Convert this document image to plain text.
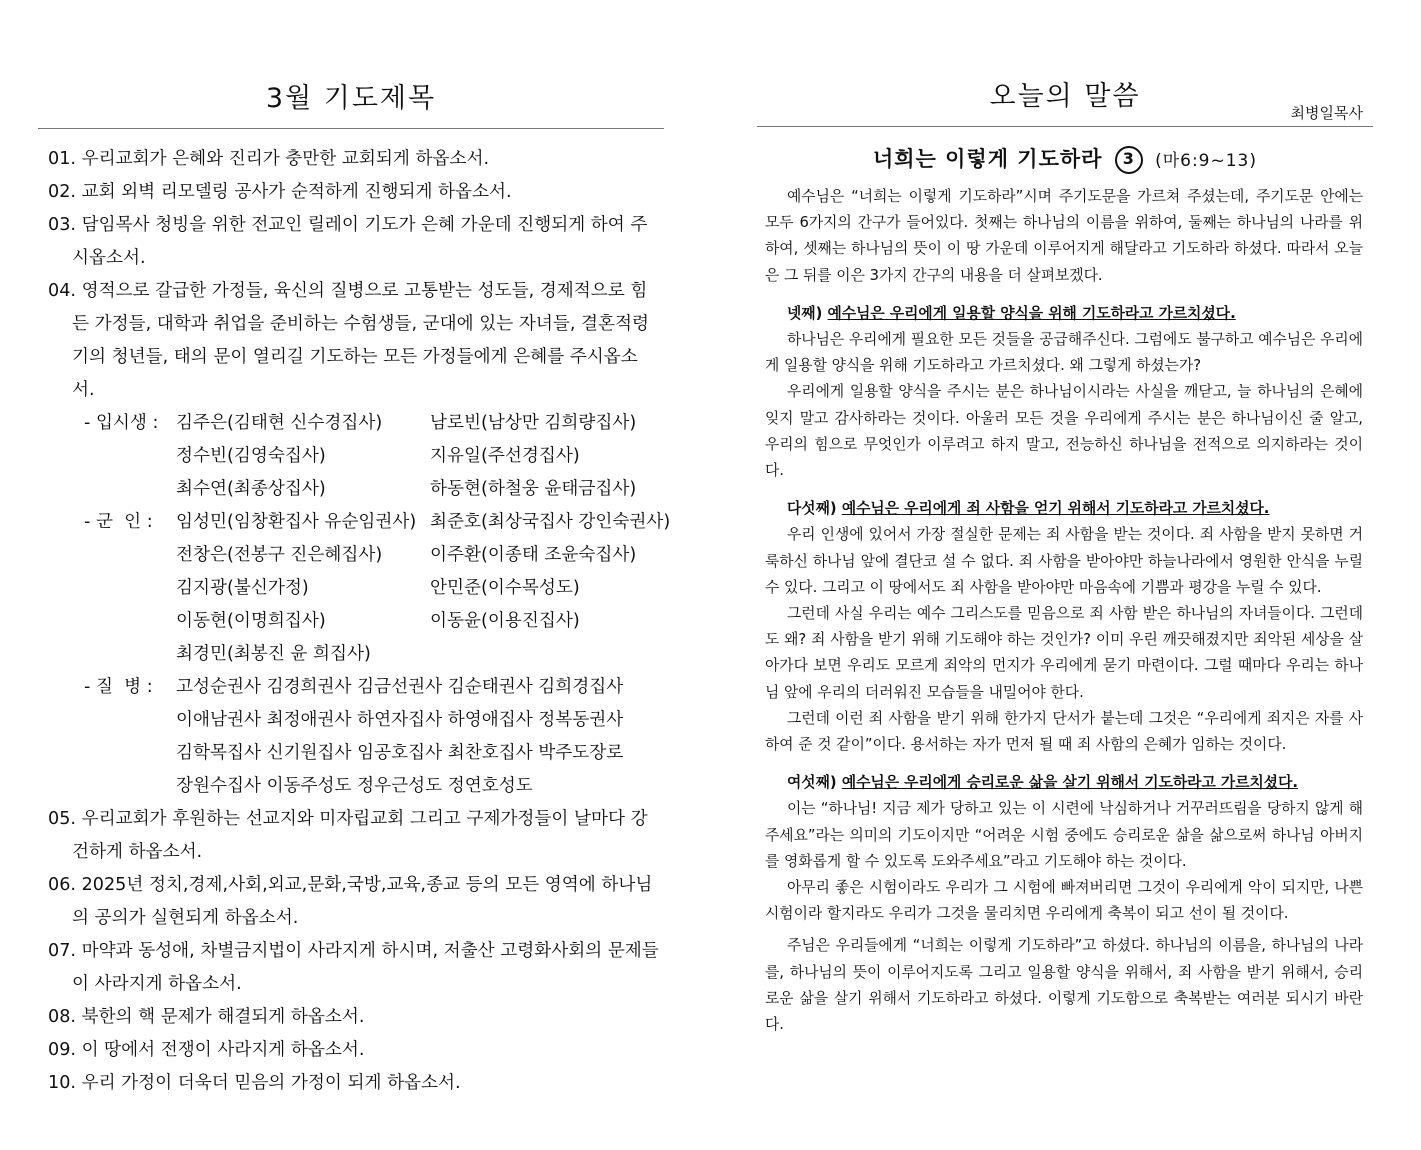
3월 기도제목
01. 우리교회가 은혜와 진리가 충만한 교회되게 하옵소서.
02. 교회 외벽 리모델링 공사가 순적하게 진행되게 하옵소서.
03. 담임목사 청빙을 위한 전교인 릴레이 기도가 은혜 가운데 진행되게 하여 주시옵소서.
04. 영적으로 갈급한 가정들, 육신의 질병으로 고통받는 성도들, 경제적으로 힘든 가정들, 대학과 취업을 준비하는 수험생들, 군대에 있는 자녀들, 결혼적령기의 청년들, 태의 문이 열리길 기도하는 모든 가정들에게 은혜를 주시옵소서.
- 입시생 : 김주은(김태현 신수경집사)	남로빈(남상만 김희량집사)
정수빈(김영숙집사)	지유일(주선경집사)
최수연(최종상집사)	하동현(하철웅 윤태금집사)
- 군  인 :	임성민(임창환집사 유순임권사) 최준호(최상국집사 강인숙권사)
전창은(전봉구 진은혜집사)	이주환(이종태 조윤숙집사)
김지광(불신가정)	안민준(이수목성도)
이동현(이명희집사)	이동윤(이용진집사)
최경민(최봉진 윤 희집사)
- 질  병 :	고성순권사 김경희권사 김금선권사 김순태권사 김희경집사
이애남권사 최정애권사 하연자집사 하영애집사 정복동권사
김학목집사 신기원집사 임공호집사 최찬호집사 박주도장로
장원수집사 이동주성도 정우근성도 정연호성도
05. 우리교회가 후원하는 선교지와 미자립교회 그리고 구제가정들이 날마다 강건하게 하옵소서.
06. 2025년 정치,경제,사회,외교,문화,국방,교육,종교 등의 모든 영역에 하나님의 공의가 실현되게 하옵소서.
07. 마약과 동성애, 차별금지법이 사라지게 하시며, 저출산 고령화사회의 문제들이 사라지게 하옵소서.
08. 북한의 핵 문제가 해결되게 하옵소서.
09. 이 땅에서 전쟁이 사라지게 하옵소서.
10. 우리 가정이 더욱더 믿음의 가정이 되게 하옵소서.
오늘의 말씀
최병일목사
너희는 이렇게 기도하라 3 (마6:9~13)

예수님은 “너희는 이렇게 기도하라”시며 주기도문을 가르쳐 주셨는데, 주기도문 안에는 모두 6가지의 간구가 들어있다. 첫째는 하나님의 이름을 위하여, 둘째는 하나님의 나라를 위하여, 셋째는 하나님의 뜻이 이 땅 가운데 이루어지게 해달라고 기도하라 하셨다. 따라서 오늘은 그 뒤를 이은 3가지 간구의 내용을 더 살펴보겠다.

넷째) 예수님은 우리에게 일용할 양식을 위해 기도하라고 가르치셨다.

하나님은 우리에게 필요한 모든 것들을 공급해주신다. 그럼에도 불구하고 예수님은 우리에게 일용할 양식을 위해 기도하라고 가르치셨다. 왜 그렇게 하셨는가?

우리에게 일용할 양식을 주시는 분은 하나님이시라는 사실을 깨닫고, 늘 하나님의 은혜에 잊지 말고 감사하라는 것이다. 아울러 모든 것을 우리에게 주시는 분은 하나님이신 줄 알고, 우리의 힘으로 무엇인가 이루려고 하지 말고, 전능하신 하나님을 전적으로 의지하라는 것이다.

다섯째) 예수님은 우리에게 죄 사함을 얻기 위해서 기도하라고 가르치셨다.

우리 인생에 있어서 가장 절실한 문제는 죄 사함을 받는 것이다. 죄 사함을 받지 못하면 거룩하신 하나님 앞에 결단코 설 수 없다. 죄 사함을 받아야만 하늘나라에서 영원한 안식을 누릴 수 있다. 그리고 이 땅에서도 죄 사함을 받아야만 마음속에 기쁨과 평강을 누릴 수 있다.

그런데 사실 우리는 예수 그리스도를 믿음으로 죄 사함 받은 하나님의 자녀들이다. 그런데도 왜? 죄 사함을 받기 위해 기도해야 하는 것인가? 이미 우린 깨끗해졌지만 죄악된 세상을 살아가다 보면 우리도 모르게 죄악의 먼지가 우리에게 묻기 마련이다. 그럴 때마다 우리는 하나님 앞에 우리의 더러워진 모습들을 내밀어야 한다.

그런데 이런 죄 사함을 받기 위해 한가지 단서가 붙는데 그것은 “우리에게 죄지은 자를 사하여 준 것 같이”이다. 용서하는 자가 먼저 될 때 죄 사함의 은혜가 임하는 것이다.

여섯째) 예수님은 우리에게 승리로운 삶을 살기 위해서 기도하라고 가르치셨다.

이는 “하나님! 지금 제가 당하고 있는 이 시련에 낙심하거나 거꾸러뜨림을 당하지 않게 해 주세요”라는 의미의 기도이지만 “어려운 시험 중에도 승리로운 삶을 삶으로써 하나님 아버지를 영화롭게 할 수 있도록 도와주세요”라고 기도해야 하는 것이다.

아무리 좋은 시험이라도 우리가 그 시험에 빠져버리면 그것이 우리에게 악이 되지만, 나쁜 시험이라 할지라도 우리가 그것을 물리치면 우리에게 축복이 되고 선이 될 것이다.

주님은 우리들에게 “너희는 이렇게 기도하라”고 하셨다. 하나님의 이름을, 하나님의 나라를, 하나님의 뜻이 이루어지도록 그리고 일용할 양식을 위해서, 죄 사함을 받기 위해서, 승리로운 삶을 살기 위해서 기도하라고 하셨다. 이렇게 기도함으로 축복받는 여러분 되시기 바란다.
